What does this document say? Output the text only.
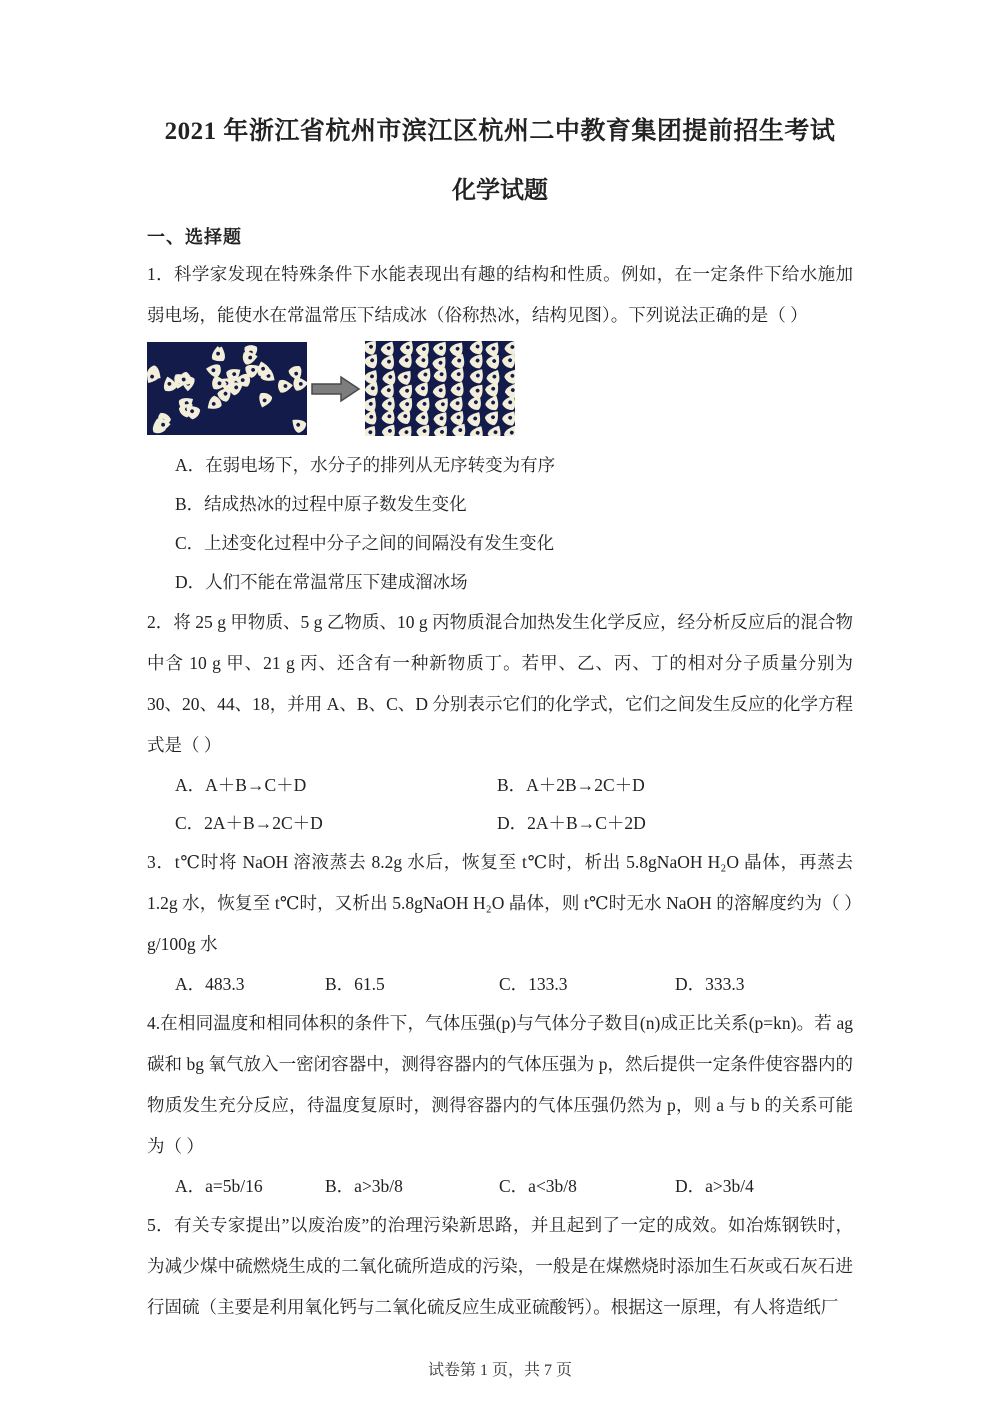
2021 年浙江省杭州市滨江区杭州二中教育集团提前招生考试
化学试题
一、选择题

1．科学家发现在特殊条件下水能表现出有趣的结构和性质。例如，在一定条件下给水施加弱电场，能使水在常温常压下结成冰（俗称热冰，结构见图）。下列说法正确的是（ ）

A．在弱电场下，水分子的排列从无序转变为有序
B．结成热冰的过程中原子数发生变化
C．上述变化过程中分子之间的间隔没有发生变化
D．人们不能在常温常压下建成溜冰场

2．将 25 g 甲物质、5 g 乙物质、10 g 丙物质混合加热发生化学反应，经分析反应后的混合物中含 10 g 甲、21 g 丙、还含有一种新物质丁。若甲、乙、丙、丁的相对分子质量分别为 30、20、44、18，并用 A、B、C、D 分别表示它们的化学式，它们之间发生反应的化学方程式是（ ）

A．A＋B→C＋D	B．A＋2B→2C＋D
C．2A＋B→2C＋D	D．2A＋B→C＋2D

3．t℃时将 NaOH 溶液蒸去 8.2g 水后，恢复至 t℃时，析出 5.8gNaOH H₂O 晶体，再蒸去 1.2g 水，恢复至 t℃时，又析出 5.8gNaOH H₂O 晶体，则 t℃时无水 NaOH 的溶解度约为（ ）g/100g 水

A．483.3	B．61.5	C．133.3	D．333.3

4.在相同温度和相同体积的条件下，气体压强(p)与气体分子数目(n)成正比关系(p=kn)。若 ag 碳和 bg 氧气放入一密闭容器中，测得容器内的气体压强为 p，然后提供一定条件使容器内的物质发生充分反应，待温度复原时，测得容器内的气体压强仍然为 p，则 a 与 b 的关系可能为（ ）

A．a=5b/16	B．a>3b/8	C．a<3b/8	D．a>3b/4

5．有关专家提出”以废治废”的治理污染新思路，并且起到了一定的成效。如冶炼钢铁时，为减少煤中硫燃烧生成的二氧化硫所造成的污染，一般是在煤燃烧时添加生石灰或石灰石进行固硫（主要是利用氧化钙与二氧化硫反应生成亚硫酸钙）。根据这一原理，有人将造纸厂

试卷第 1 页，共 7 页
